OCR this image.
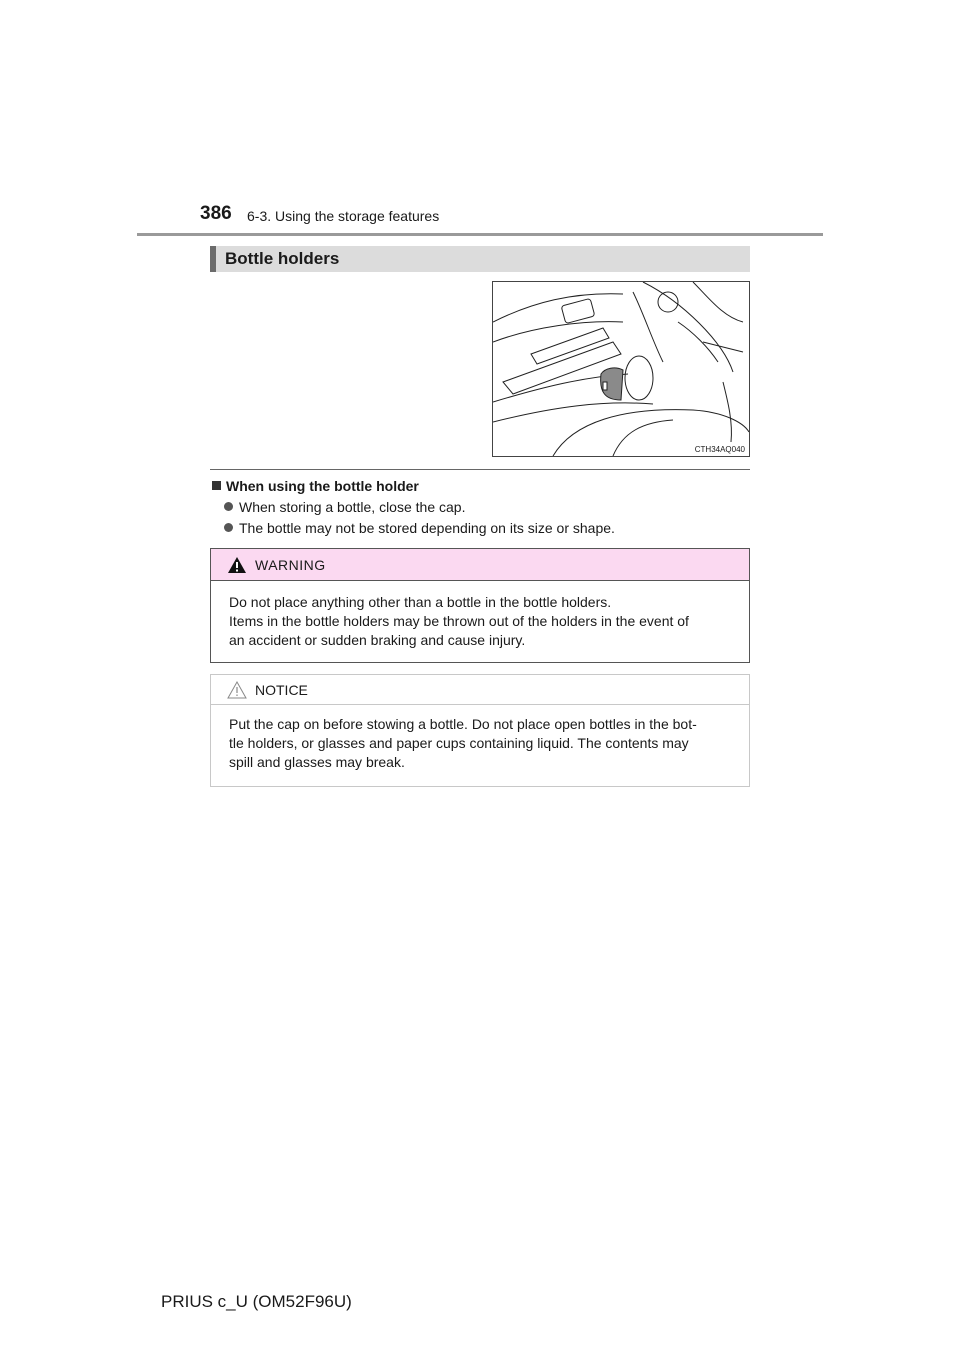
386 6-3. Using the storage features
Bottle holders
CTH34AQ040
When using the bottle holder
When storing a bottle, close the cap.
The bottle may not be stored depending on its size or shape.
WARNING
Do not place anything other than a bottle in the bottle holders.
Items in the bottle holders may be thrown out of the holders in the event of
an accident or sudden braking and cause injury.
NOTICE
Put the cap on before stowing a bottle. Do not place open bottles in the bot-
tle holders, or glasses and paper cups containing liquid. The contents may
spill and glasses may break.
PRIUS c_U (OM52F96U)
